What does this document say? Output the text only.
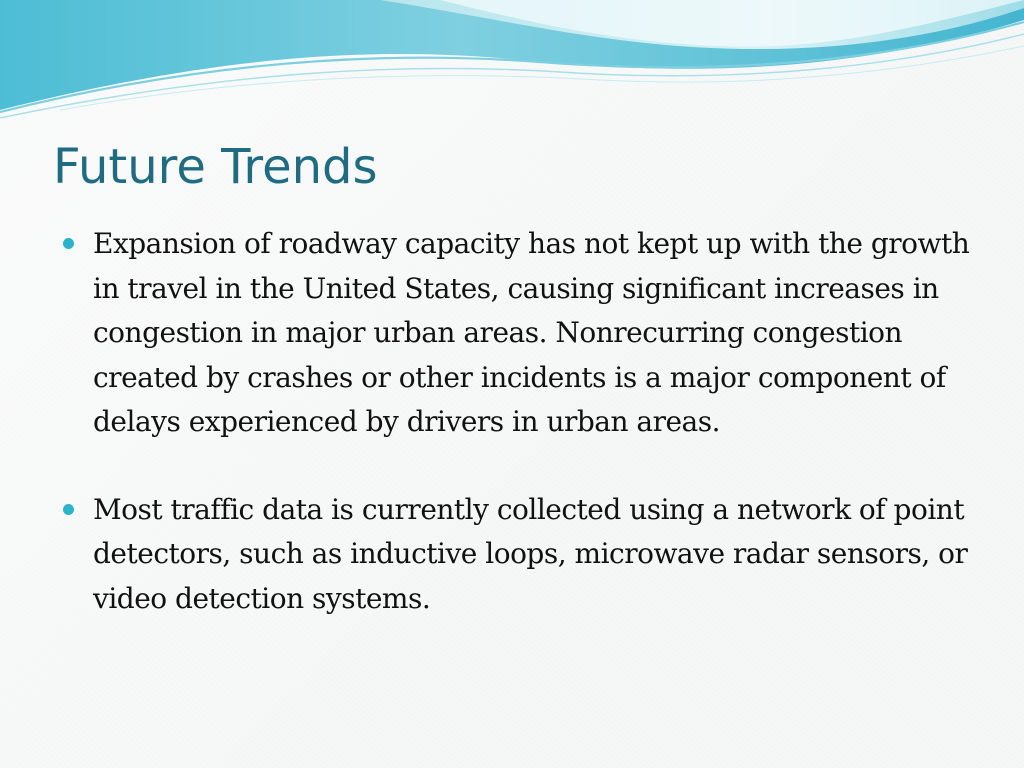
Future Trends
Expansion of roadway capacity has not kept up with the growth in travel in the United States, causing significant increases in congestion in major urban areas. Nonrecurring congestion created by crashes or other incidents is a major component of delays experienced by drivers in urban areas.
Most traffic data is currently collected using a network of point detectors, such as inductive loops, microwave radar sensors, or video detection systems.
